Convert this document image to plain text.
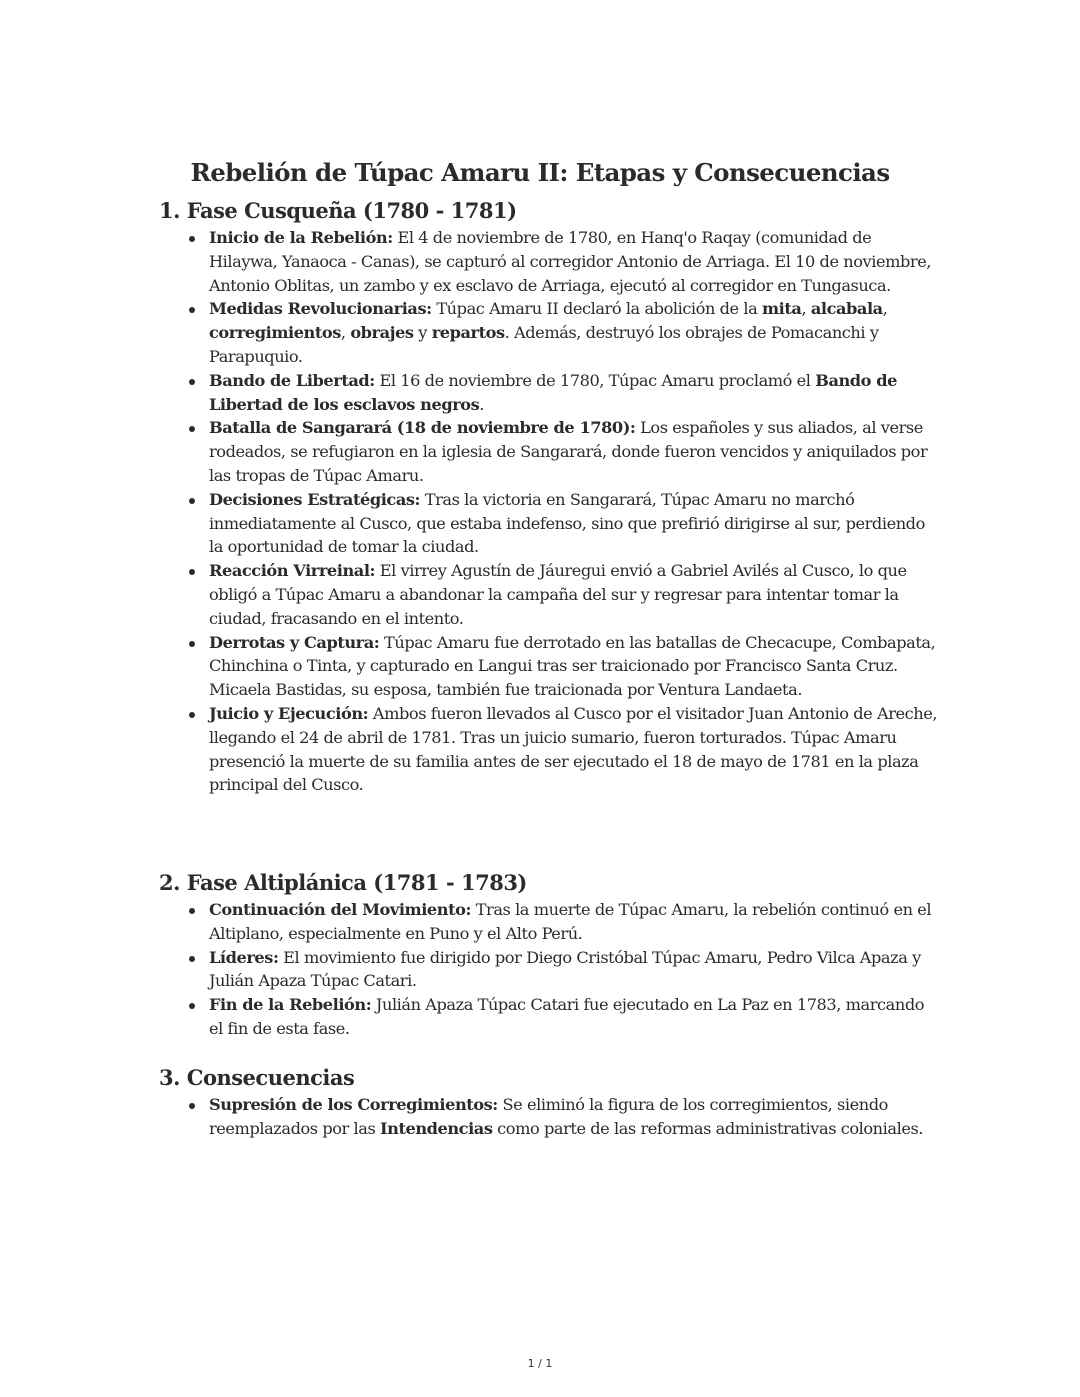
Rebelión de Túpac Amaru II: Etapas y Consecuencias
1. Fase Cusqueña (1780 - 1781)
Inicio de la Rebelión: El 4 de noviembre de 1780, en Hanq'o Raqay (comunidad de Hilaywa, Yanaoca - Canas), se capturó al corregidor Antonio de Arriaga. El 10 de noviembre, Antonio Oblitas, un zambo y ex esclavo de Arriaga, ejecutó al corregidor en Tungasuca.
Medidas Revolucionarias: Túpac Amaru II declaró la abolición de la mita, alcabala, corregimientos, obrajes y repartos. Además, destruyó los obrajes de Pomacanchi y Parapuquio.
Bando de Libertad: El 16 de noviembre de 1780, Túpac Amaru proclamó el Bando de Libertad de los esclavos negros.
Batalla de Sangarará (18 de noviembre de 1780): Los españoles y sus aliados, al verse rodeados, se refugiaron en la iglesia de Sangarará, donde fueron vencidos y aniquilados por las tropas de Túpac Amaru.
Decisiones Estratégicas: Tras la victoria en Sangarará, Túpac Amaru no marchó inmediatamente al Cusco, que estaba indefenso, sino que prefirió dirigirse al sur, perdiendo la oportunidad de tomar la ciudad.
Reacción Virreinal: El virrey Agustín de Jáuregui envió a Gabriel Avilés al Cusco, lo que obligó a Túpac Amaru a abandonar la campaña del sur y regresar para intentar tomar la ciudad, fracasando en el intento.
Derrotas y Captura: Túpac Amaru fue derrotado en las batallas de Checacupe, Combapata, Chinchina o Tinta, y capturado en Langui tras ser traicionado por Francisco Santa Cruz. Micaela Bastidas, su esposa, también fue traicionada por Ventura Landaeta.
Juicio y Ejecución: Ambos fueron llevados al Cusco por el visitador Juan Antonio de Areche, llegando el 24 de abril de 1781. Tras un juicio sumario, fueron torturados. Túpac Amaru presenció la muerte de su familia antes de ser ejecutado el 18 de mayo de 1781 en la plaza principal del Cusco.
2. Fase Altiplánica (1781 - 1783)
Continuación del Movimiento: Tras la muerte de Túpac Amaru, la rebelión continuó en el Altiplano, especialmente en Puno y el Alto Perú.
Líderes: El movimiento fue dirigido por Diego Cristóbal Túpac Amaru, Pedro Vilca Apaza y Julián Apaza Túpac Catari.
Fin de la Rebelión: Julián Apaza Túpac Catari fue ejecutado en La Paz en 1783, marcando el fin de esta fase.
3. Consecuencias
Supresión de los Corregimientos: Se eliminó la figura de los corregimientos, siendo reemplazados por las Intendencias como parte de las reformas administrativas coloniales.
1 / 1
